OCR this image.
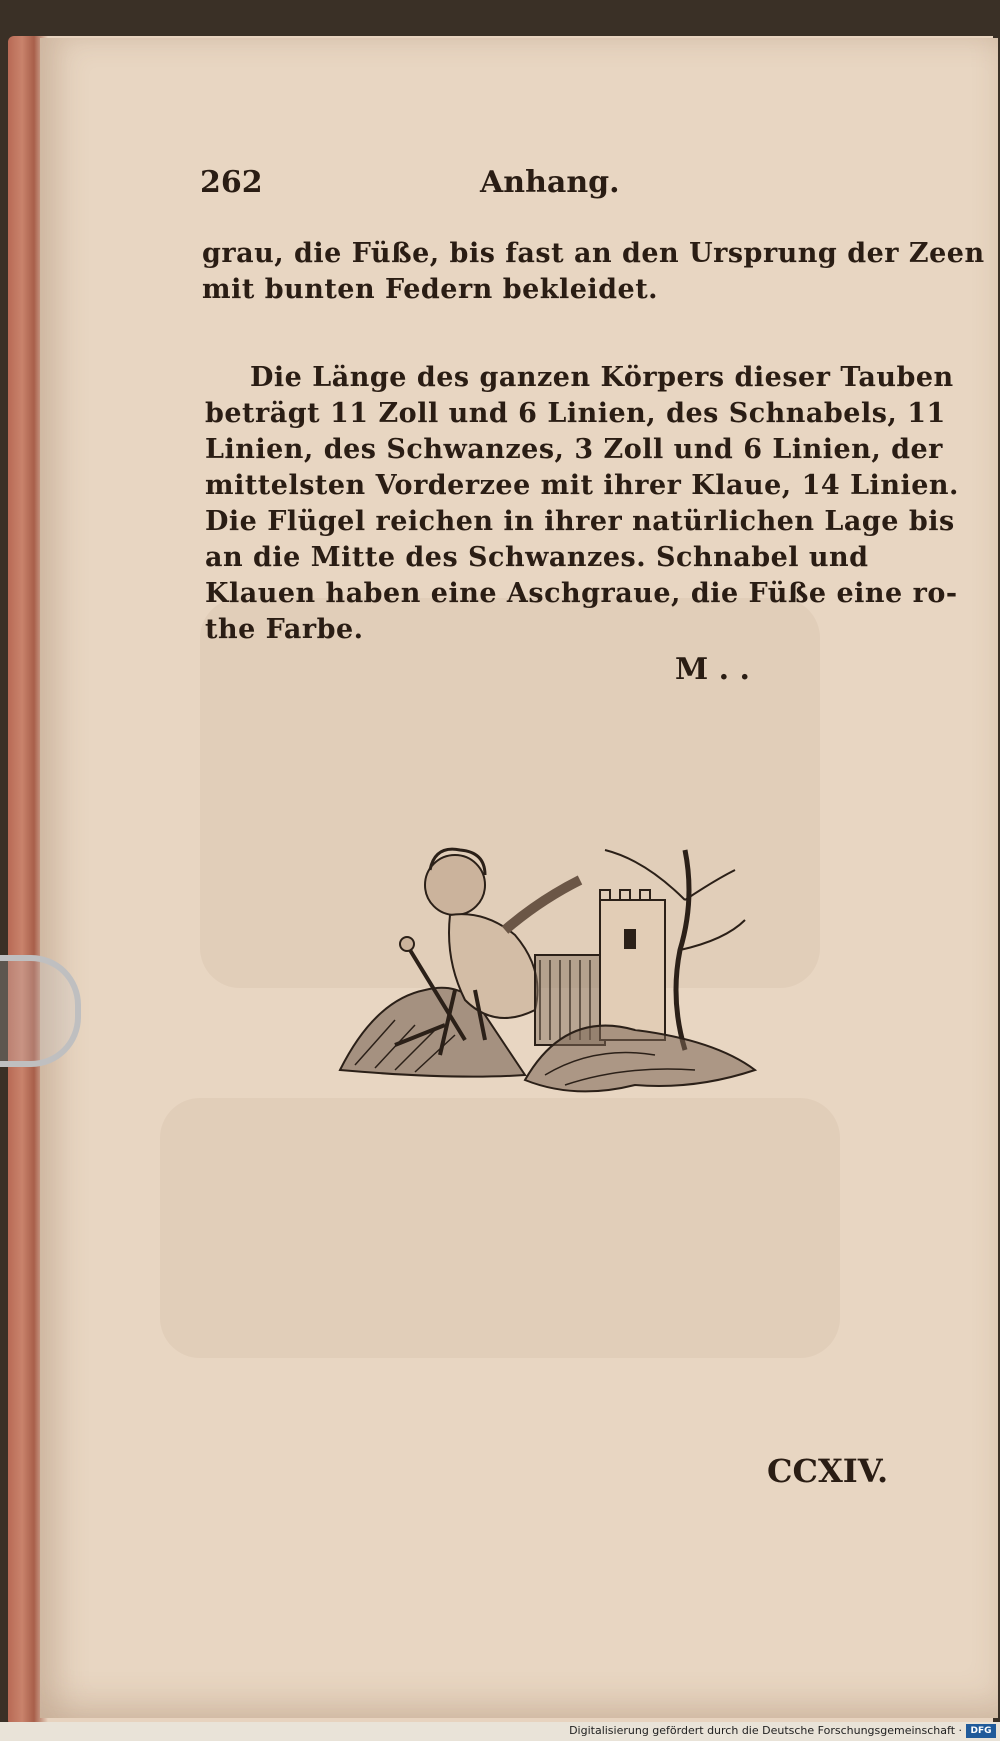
262	Anhang.
grau, die Füße, bis fast an den Ursprung der Zeen
mit bunten Federn bekleidet.
Die Länge des ganzen Körpers dieser Tauben
beträgt 11 Zoll und 6 Linien, des Schnabels, 11
Linien, des Schwanzes, 3 Zoll und 6 Linien, der
mittelsten Vorderzee mit ihrer Klaue, 14 Linien.
Die Flügel reichen in ihrer natürlichen Lage bis
an die Mitte des Schwanzes. Schnabel und
Klauen haben eine Aschgraue, die Füße eine ro-
the Farbe.
M . .
CCXIV.
Digitalisierung gefördert durch die Deutsche Forschungsgemeinschaft · DFG
